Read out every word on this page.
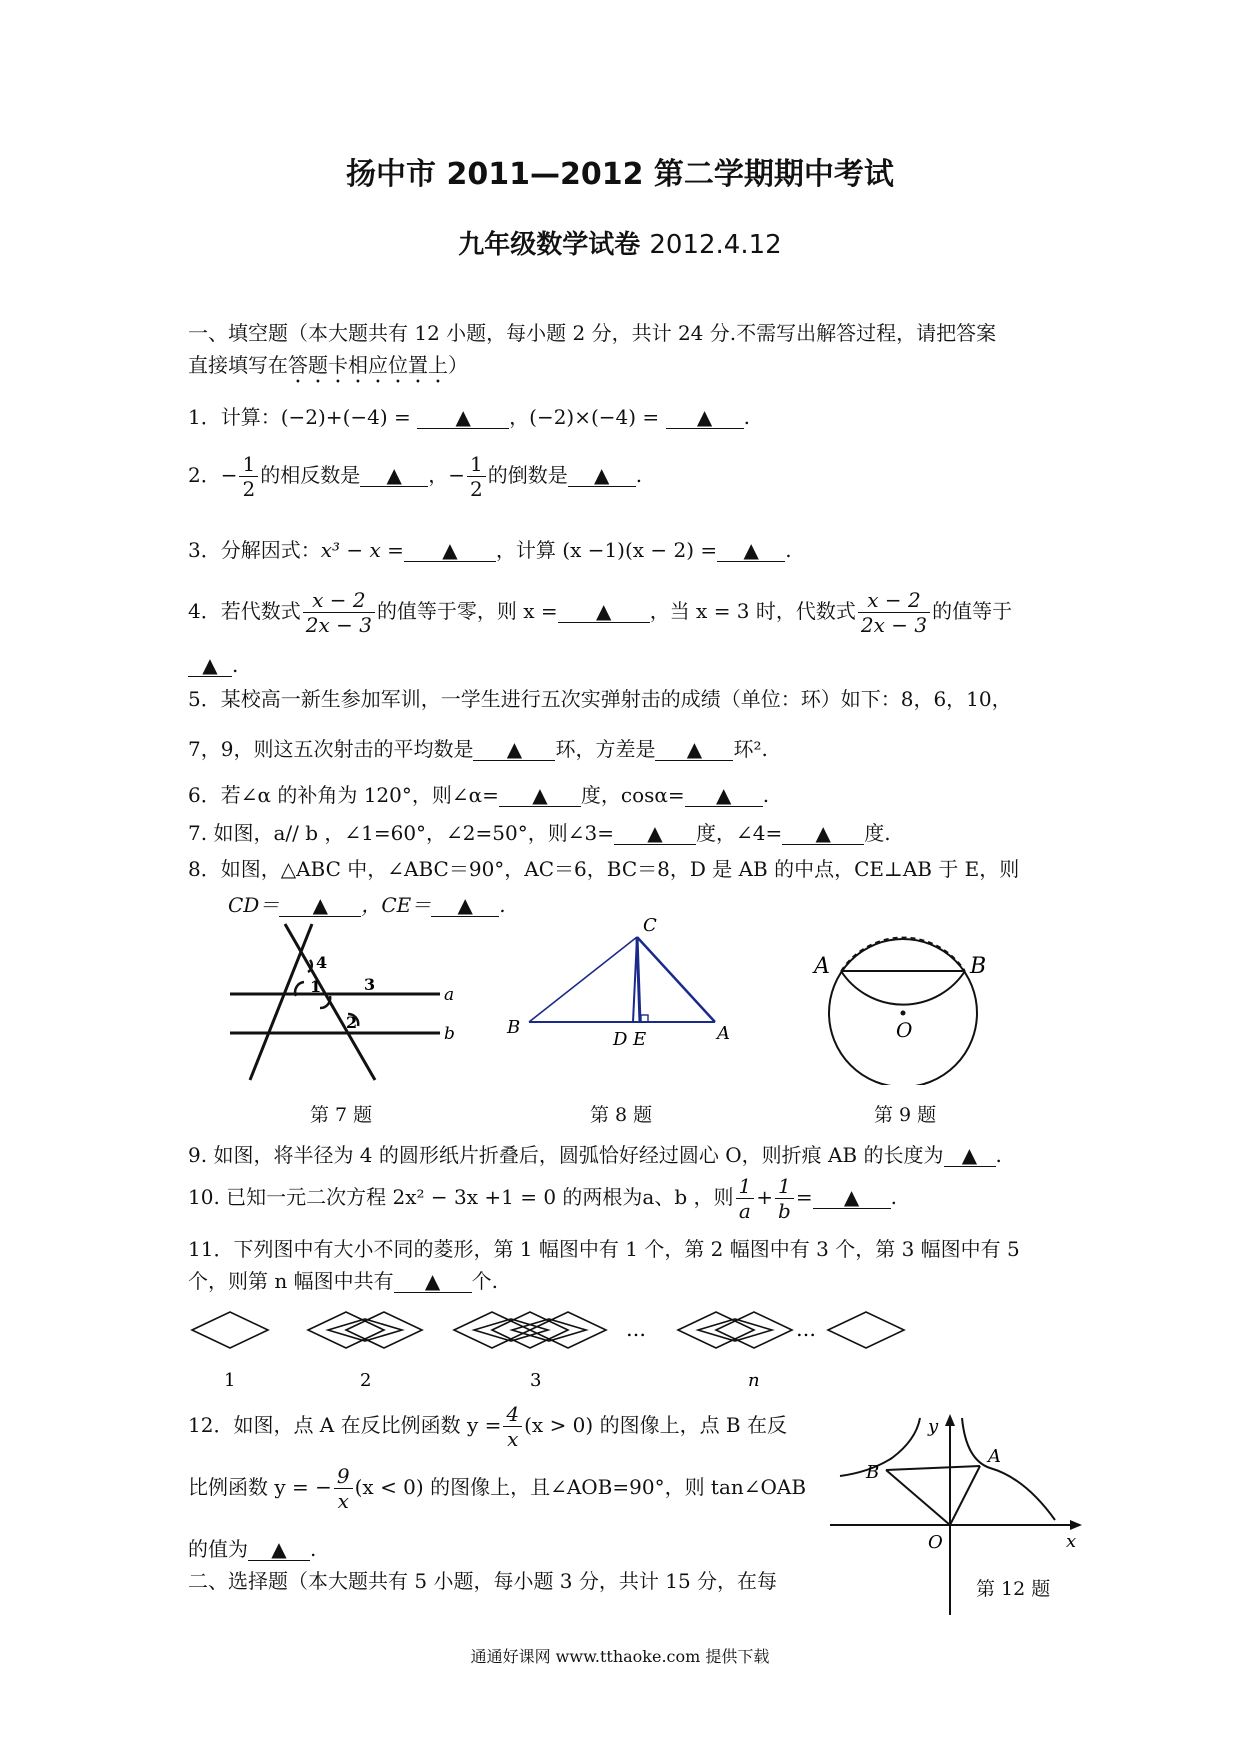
扬中市 2011—2012 第二学期期中考试
九年级数学试卷 2012.4.12
一、填空题（本大题共有 12 小题，每小题 2 分，共计 24 分.不需写出解答过程，请把答案
直接填写在答题卡相应位置上）
1．计算：(−2)+(−4) = ▲ ，(−2)×(−4) = ▲ .
2．− $\frac{1}{2}$ 的相反数是 ▲ ，− $\frac{1}{2}$ 的倒数是 ▲ .
3．分解因式：x³ − x = ▲ ，计算 (x −1)(x − 2) = ▲ .
4．若代数式 $\frac{x - 2}{2x - 3}$ 的值等于零，则 x = ▲ ，当 x = 3 时，代数式 $\frac{x - 2}{2x - 3}$ 的值等于
▲ .
5．某校高一新生参加军训，一学生进行五次实弹射击的成绩（单位：环）如下：8，6，10，
7，9，则这五次射击的平均数是 ▲ 环，方差是 ▲ 环².
6．若∠α 的补角为 120°，则∠α= ▲ 度，cosα= ▲ .
7. 如图，a// b ，∠1=60°，∠2=50°，则∠3= ▲ 度，∠4= ▲ 度.
8．如图，△ABC 中，∠ABC＝90°，AC＝6，BC＝8，D 是 AB 的中点，CE⊥AB 于 E，则
CD＝ ▲ ，CE＝ ▲ .
4
1	3
2
a
b
第 7 题
C
B
D E	A
第 8 题
A	B
O
第 9 题
9. 如图，将半径为 4 的圆形纸片折叠后，圆弧恰好经过圆心 O，则折痕 AB 的长度为 ▲ .
10. 已知一元二次方程 2x² − 3x +1 = 0 的两根为a、b ，则 $\frac{1}{a} + \frac{1}{b}$ = ▲ .
11．下列图中有大小不同的菱形，第 1 幅图中有 1 个，第 2 幅图中有 3 个，第 3 幅图中有 5
个，则第 n 幅图中共有 ▲ 个.
…	…
1	2	3	n
12．如图，点 A 在反比例函数 $y = \frac{4}{x} (x > 0)$ 的图像上，点 B 在反
比例函数 y = − $\frac{9}{x} (x < 0)$ 的图像上，且∠AOB=90°，则 tan∠OAB
的值为 ▲ .
y
x
O
A
B
第 12 题
二、选择题（本大题共有 5 小题，每小题 3 分，共计 15 分，在每
通通好课网 www.tthaoke.com 提供下载
